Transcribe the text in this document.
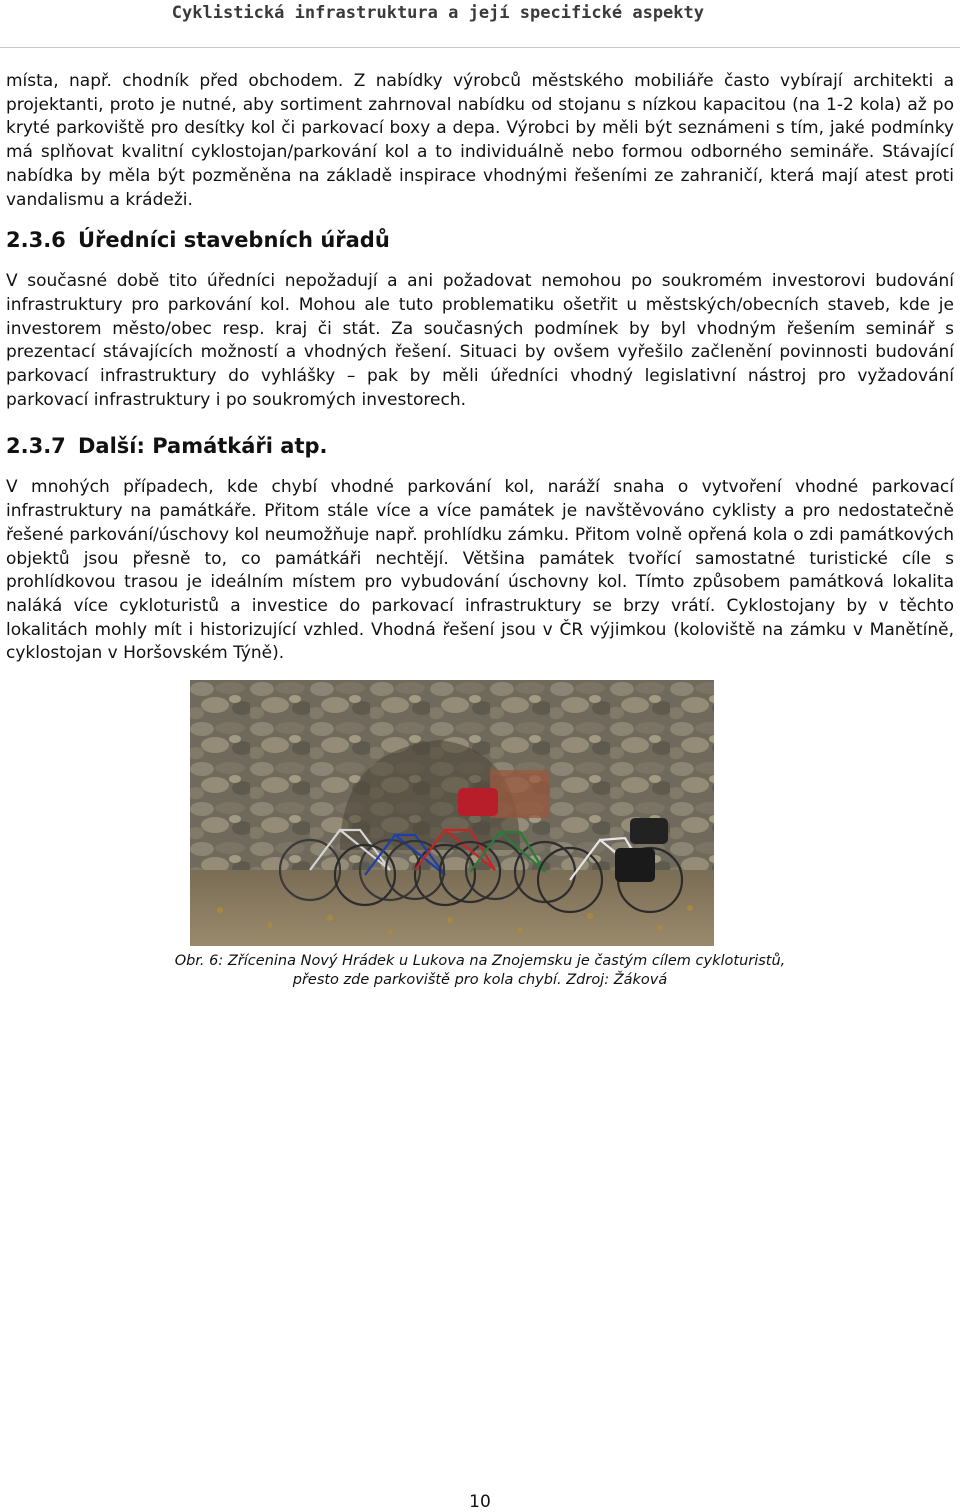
Cyklistická infrastruktura a její specifické aspekty

místa, např. chodník před obchodem. Z nabídky výrobců městského mobiliáře často vybírají architekti a projektanti, proto je nutné, aby sortiment zahrnoval nabídku od stojanu s nízkou kapacitou (na 1-2 kola) až po kryté parkoviště pro desítky kol či parkovací boxy a depa. Výrobci by měli být seznámeni s tím, jaké podmínky má splňovat kvalitní cyklostojan/parkování kol a to individuálně nebo formou odborného semináře. Stávající nabídka by měla být pozměněna na základě inspirace vhodnými řešeními ze zahraničí, která mají atest proti vandalismu a krádeži.

2.3.6 Úředníci stavebních úřadů

V současné době tito úředníci nepožadují a ani požadovat nemohou po soukromém investorovi budování infrastruktury pro parkování kol. Mohou ale tuto problematiku ošetřit u městských/obecních staveb, kde je investorem město/obec resp. kraj či stát. Za současných podmínek by byl vhodným řešením seminář s prezentací stávajících možností a vhodných řešení. Situaci by ovšem vyřešilo začlenění povinnosti budování parkovací infrastruktury do vyhlášky – pak by měli úředníci vhodný legislativní nástroj pro vyžadování parkovací infrastruktury i po soukromých investorech.

2.3.7 Další: Památkáři atp.

V mnohých případech, kde chybí vhodné parkování kol, naráží snaha o vytvoření vhodné parkovací infrastruktury na památkáře. Přitom stále více a více památek je navštěvováno cyklisty a pro nedostatečně řešené parkování/úschovy kol neumožňuje např. prohlídku zámku. Přitom volně opřená kola o zdi památkových objektů jsou přesně to, co památkáři nechtějí. Většina památek tvořící samostatné turistické cíle s prohlídkovou trasou je ideálním místem pro vybudování úschovny kol. Tímto způsobem památková lokalita naláká více cykloturistů a investice do parkovací infrastruktury se brzy vrátí. Cyklostojany by v těchto lokalitách mohly mít i historizující vzhled. Vhodná řešení jsou v ČR výjimkou (koloviště na zámku v Manětíně, cyklostojan v Horšovském Týně).

Obr. 6: Zřícenina Nový Hrádek u Lukova na Znojemsku je častým cílem cykloturistů,
přesto zde parkoviště pro kola chybí. Zdroj: Žáková
10
